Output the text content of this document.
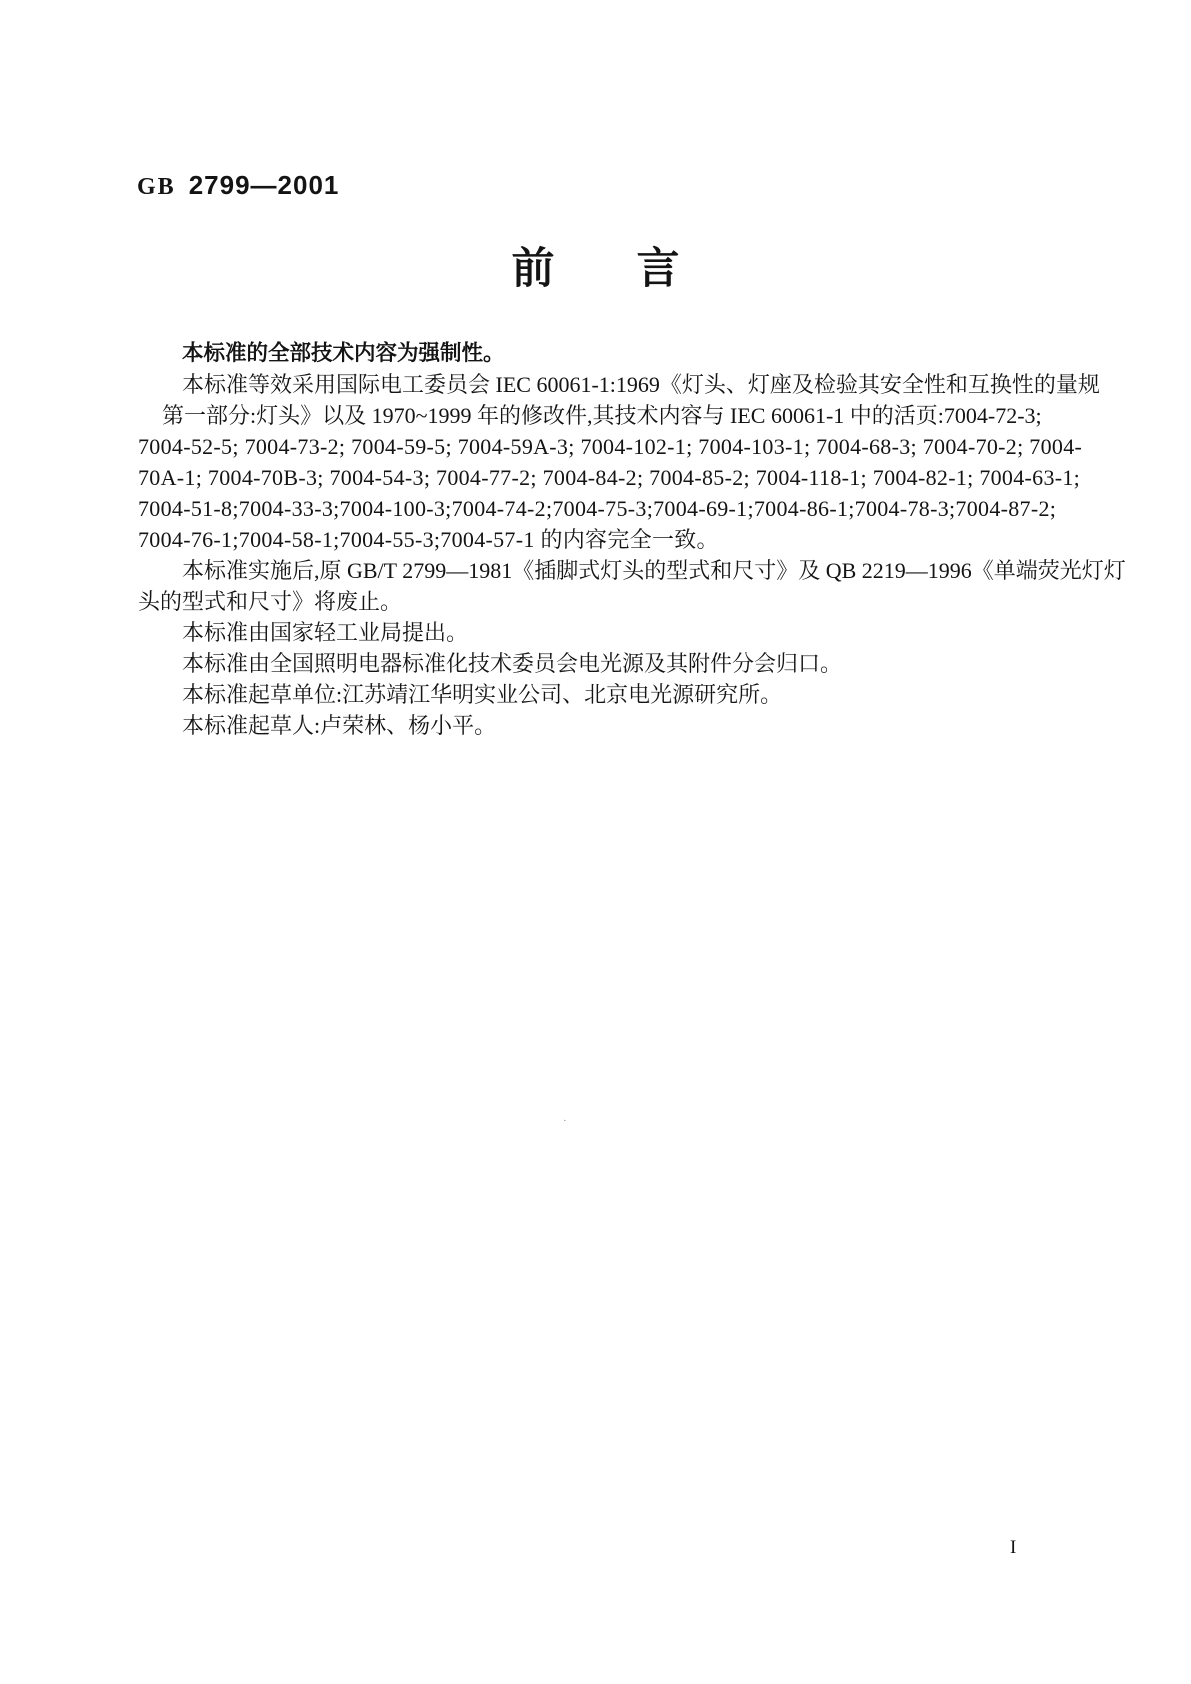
GB 2799—2001
前 言
本标准的全部技术内容为强制性。
本标准等效采用国际电工委员会 IEC 60061-1:1969《灯头、灯座及检验其安全性和互换性的量规
第一部分:灯头》以及 1970~1999 年的修改件,其技术内容与 IEC 60061-1 中的活页:7004-72-3;
7004-52-5; 7004-73-2; 7004-59-5; 7004-59A-3; 7004-102-1; 7004-103-1; 7004-68-3; 7004-70-2; 7004-
70A-1; 7004-70B-3; 7004-54-3; 7004-77-2; 7004-84-2; 7004-85-2; 7004-118-1; 7004-82-1; 7004-63-1;
7004-51-8;7004-33-3;7004-100-3;7004-74-2;7004-75-3;7004-69-1;7004-86-1;7004-78-3;7004-87-2;
7004-76-1;7004-58-1;7004-55-3;7004-57-1 的内容完全一致。
本标准实施后,原 GB/T 2799—1981《插脚式灯头的型式和尺寸》及 QB 2219—1996《单端荧光灯灯
头的型式和尺寸》将废止。
本标准由国家轻工业局提出。
本标准由全国照明电器标准化技术委员会电光源及其附件分会归口。
本标准起草单位:江苏靖江华明实业公司、北京电光源研究所。
本标准起草人:卢荣林、杨小平。
·
I
